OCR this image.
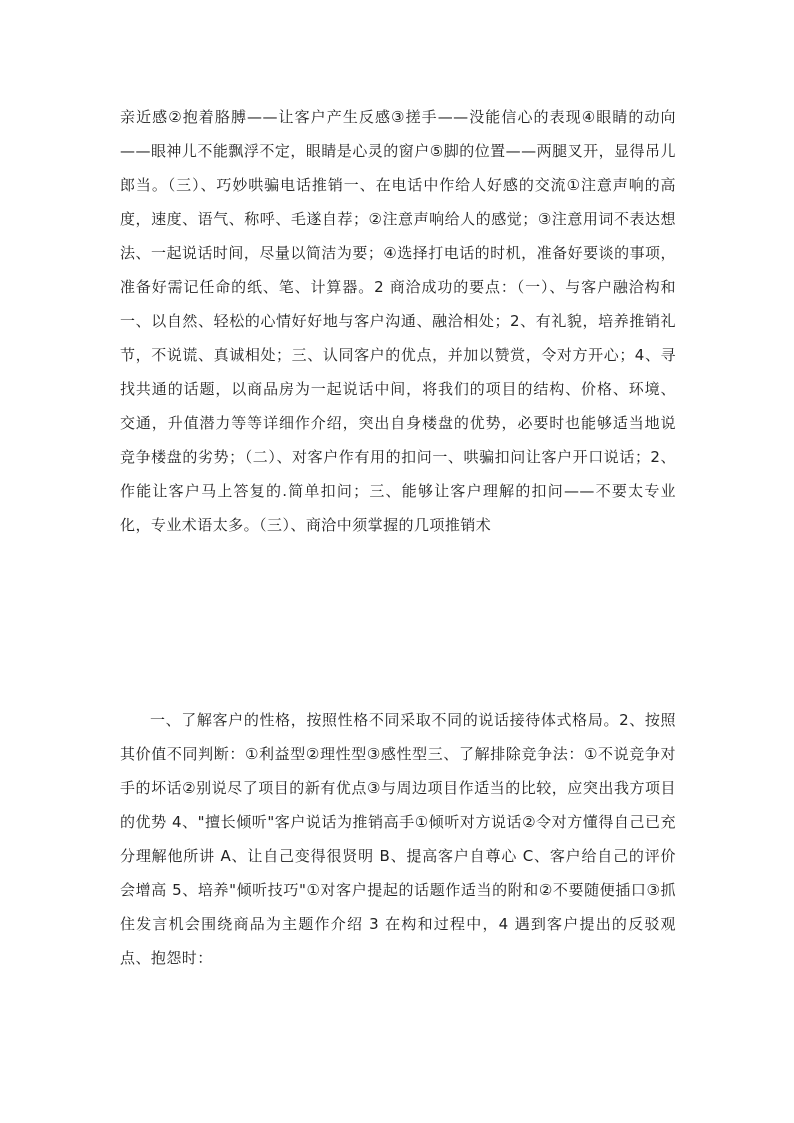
亲近感②抱着胳膊——让客户产生反感③搓手——没能信心的表现④眼睛的动向——眼神儿不能飘浮不定，眼睛是心灵的窗户⑤脚的位置——两腿叉开，显得吊儿郎当。（三）、巧妙哄骗电话推销一、在电话中作给人好感的交流①注意声响的高度，速度、语气、称呼、毛遂自荐；②注意声响给人的感觉；③注意用词不表达想法、一起说话时间，尽量以简洁为要；④选择打电话的时机，准备好要谈的事项，准备好需记任命的纸、笔、计算器。2 商洽成功的要点：（一）、与客户融洽构和一、以自然、轻松的心情好好地与客户沟通、融洽相处；2、有礼貌，培养推销礼节，不说谎、真诚相处；三、认同客户的优点，并加以赞赏，令对方开心；4、寻找共通的话题，以商品房为一起说话中间，将我们的项目的结构、价格、环境、交通，升值潜力等等详细作介绍，突出自身楼盘的优势，必要时也能够适当地说竞争楼盘的劣势；（二）、对客户作有用的扣问一、哄骗扣问让客户开口说话；2、作能让客户马上答复的.简单扣问；三、能够让客户理解的扣问——不要太专业化，专业术语太多。（三）、商洽中须掌握的几项推销术

一、了解客户的性格，按照性格不同采取不同的说话接待体式格局。2、按照其价值不同判断：①利益型②理性型③感性型三、了解排除竞争法：①不说竞争对手的坏话②别说尽了项目的新有优点③与周边项目作适当的比较，应突出我方项目的优势 4、"擅长倾听"客户说话为推销高手①倾听对方说话②令对方懂得自己已充分理解他所讲 A、让自己变得很贤明 B、提高客户自尊心 C、客户给自己的评价会增高 5、培养"倾听技巧"①对客户提起的话题作适当的附和②不要随便插口③抓住发言机会围绕商品为主题作介绍 3 在构和过程中，4 遇到客户提出的反驳观点、抱怨时：
